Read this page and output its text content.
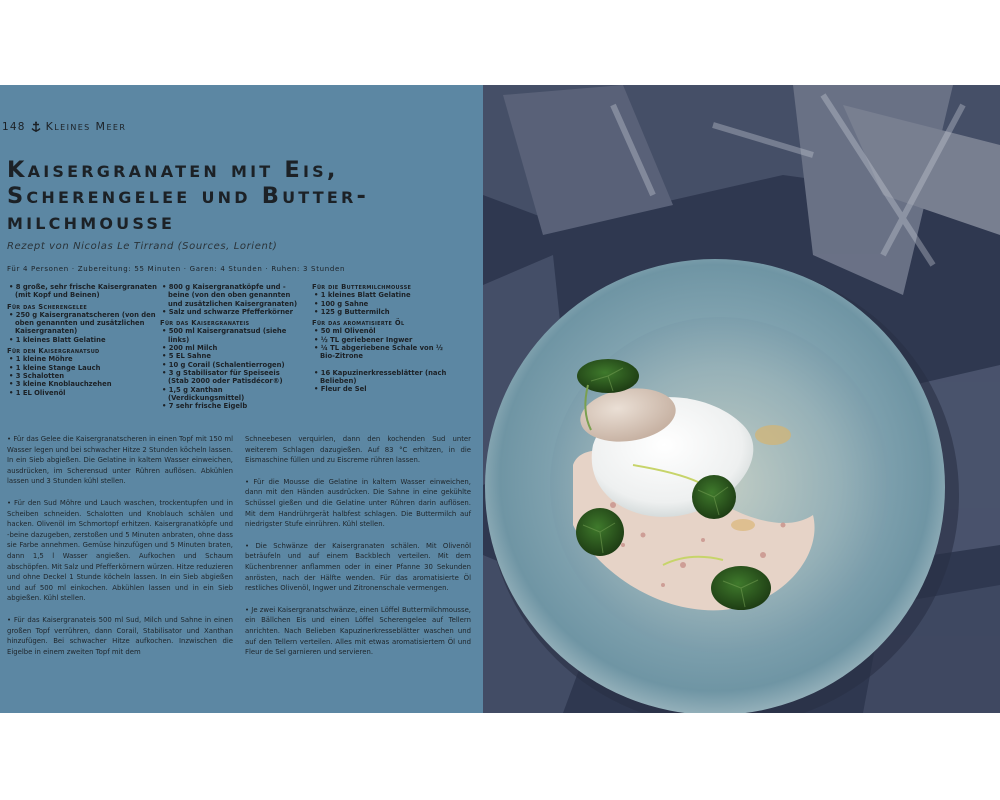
148 Kleines Meer
Kaisergranaten mit Eis,
Scherengelee und Butter-
milchmousse
Rezept von Nicolas Le Tirrand (Sources, Lorient)
Für 4 Personen · Zubereitung: 55 Minuten · Garen: 4 Stunden · Ruhen: 3 Stunden
• 8 große, sehr frische Kaisergranaten (mit Kopf und Beinen)
Für das Scherengelee
• 250 g Kaisergranatscheren (von den oben genannten und zusätzlichen Kaisergranaten)
• 1 kleines Blatt Gelatine
Für den Kaisergranatsud
• 1 kleine Möhre
• 1 kleine Stange Lauch
• 3 Schalotten
• 3 kleine Knoblauchzehen
• 1 EL Olivenöl
• 800 g Kaisergranatköpfe und -beine (von den oben genannten und zusätzlichen Kaisergranaten)
• Salz und schwarze Pfefferkörner
Für das Kaisergranateis
• 500 ml Kaisergranatsud (siehe links)
• 200 ml Milch
• 5 EL Sahne
• 10 g Corail (Schalentierrogen)
• 3 g Stabilisator für Speiseeis (Stab 2000 oder Patisdécor®)
• 1,5 g Xanthan (Verdickungsmittel)
• 7 sehr frische Eigelb
Für die Buttermilchmousse
• 1 kleines Blatt Gelatine
• 100 g Sahne
• 125 g Buttermilch
Für das aromatisierte Öl
• 50 ml Olivenöl
• ½ TL geriebener Ingwer
• ¼ TL abgeriebene Schale von ½ Bio-Zitrone
• 16 Kapuzinerkresseblätter (nach Belieben)
• Fleur de Sel

• Für das Gelee die Kaisergranatscheren in einen Topf mit 150 ml Wasser legen und bei schwacher Hitze 2 Stunden köcheln lassen. In ein Sieb abgießen. Die Gelatine in kaltem Wasser einweichen, ausdrücken, im Scherensud unter Rühren auflösen. Abkühlen lassen und 3 Stunden kühl stellen.

• Für den Sud Möhre und Lauch waschen, trockentupfen und in Scheiben schneiden. Schalotten und Knoblauch schälen und hacken. Olivenöl im Schmortopf erhitzen. Kaisergranatköpfe und -beine dazugeben, zerstoßen und 5 Minuten anbraten, ohne dass sie Farbe annehmen. Gemüse hinzufügen und 5 Minuten braten, dann 1,5 l Wasser angießen. Aufkochen und Schaum abschöpfen. Mit Salz und Pfefferkörnern würzen. Hitze reduzieren und ohne Deckel 1 Stunde köcheln lassen. In ein Sieb abgießen und auf 500 ml einkochen. Abkühlen lassen und in ein Sieb abgießen. Kühl stellen.

• Für das Kaisergranateis 500 ml Sud, Milch und Sahne in einen großen Topf verrühren, dann Corail, Stabilisator und Xanthan hinzufügen. Bei schwacher Hitze aufkochen. Inzwischen die Eigelbe in einem zweiten Topf mit dem

Schneebesen verquirlen, dann den kochenden Sud unter weiterem Schlagen dazugießen. Auf 83 °C erhitzen, in die Eismaschine füllen und zu Eiscreme rühren lassen.

• Für die Mousse die Gelatine in kaltem Wasser einweichen, dann mit den Händen ausdrücken. Die Sahne in eine gekühlte Schüssel gießen und die Gelatine unter Rühren darin auflösen. Mit dem Handrührgerät halbfest schlagen. Die Buttermilch auf niedrigster Stufe einrühren. Kühl stellen.

• Die Schwänze der Kaisergranaten schälen. Mit Olivenöl beträufeln und auf einem Backblech verteilen. Mit dem Küchenbrenner anflammen oder in einer Pfanne 30 Sekunden anrösten, nach der Hälfte wenden. Für das aromatisierte Öl restliches Olivenöl, Ingwer und Zitronenschale vermengen.

• Je zwei Kaisergranatschwänze, einen Löffel Buttermilchmousse, ein Bällchen Eis und einen Löffel Scherengelee auf Tellern anrichten. Nach Belieben Kapuzinerkresseblätter waschen und auf den Tellern verteilen. Alles mit etwas aromatisiertem Öl und Fleur de Sel garnieren und servieren.
